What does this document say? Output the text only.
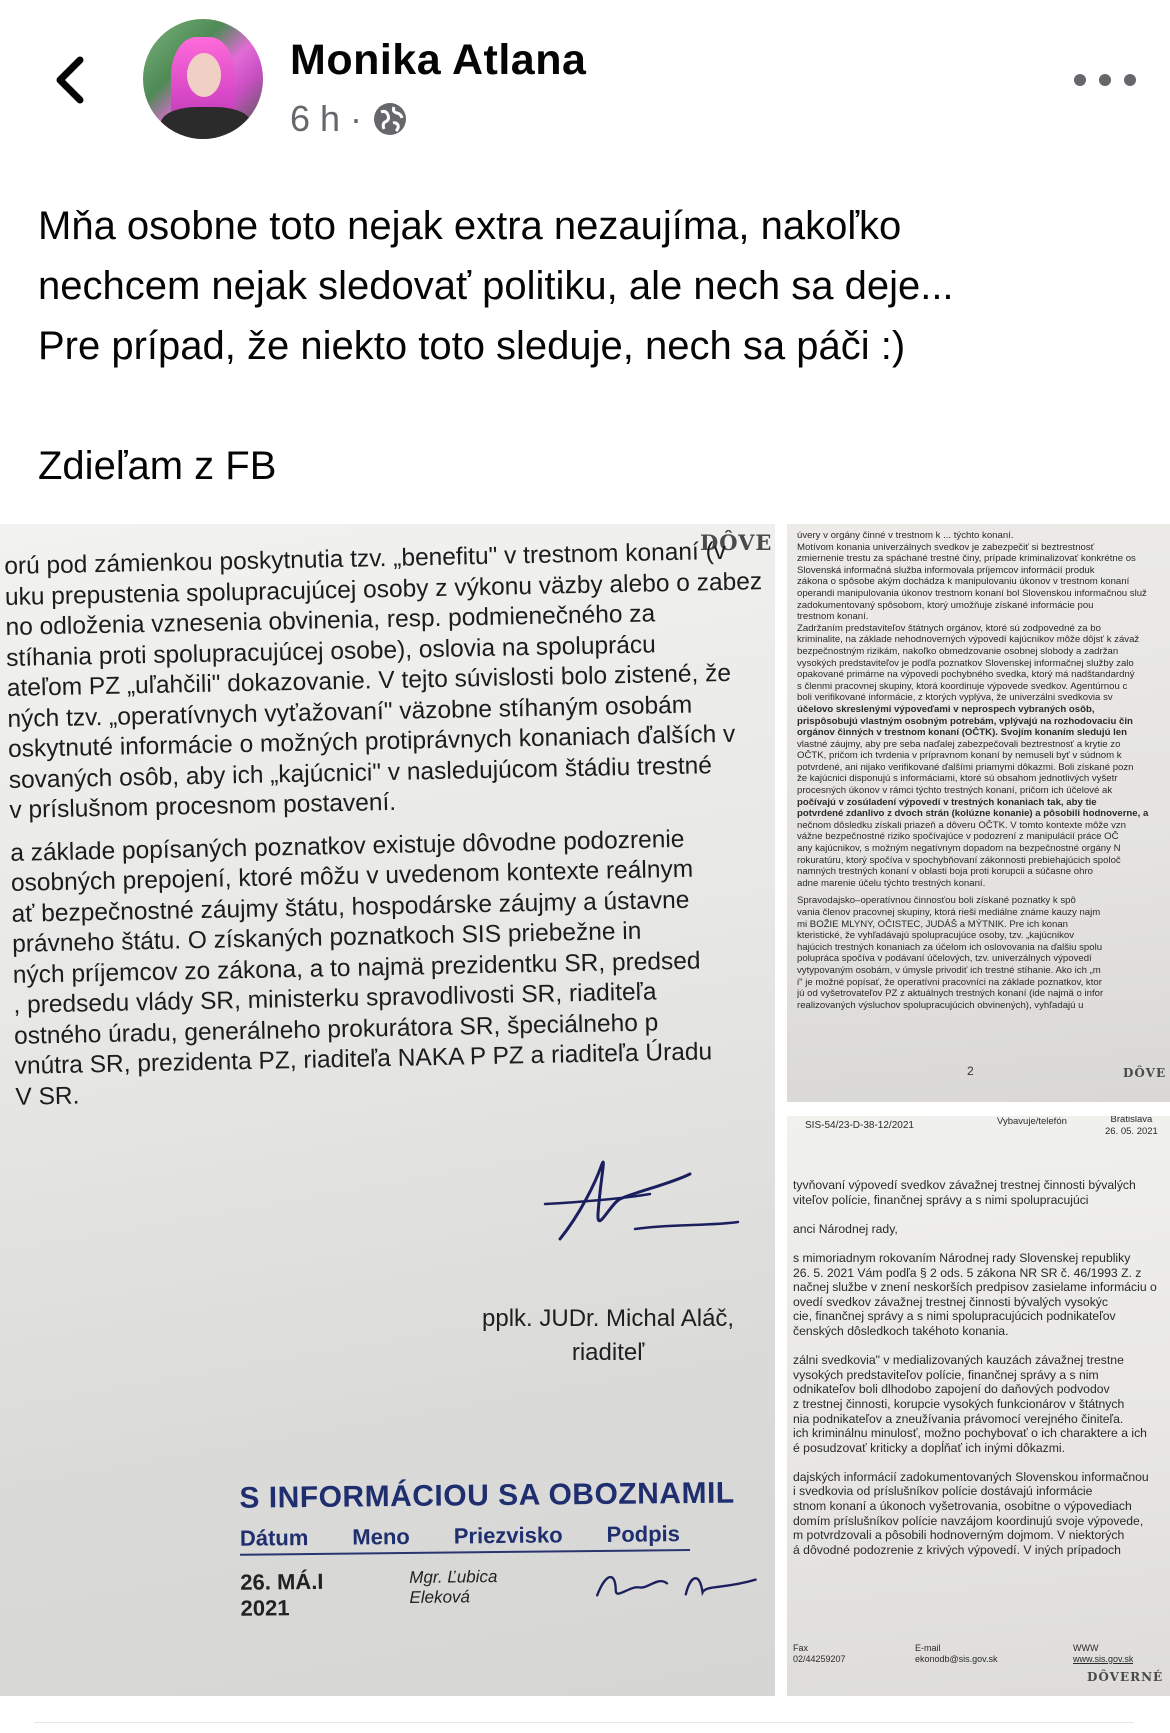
Monika Atlana
6 h ·

Mňa osobne toto nejak extra nezaujíma, nakoľko

nechcem nejak sledovať politiku, ale nech sa deje...

Pre prípad, že niekto toto sleduje, nech sa páči :)

Zdieľam z FB

DÔVE
orú pod zámienkou poskytnutia tzv. „benefitu" v trestnom konaní (v
uku prepustenia spolupracujúcej osoby z výkonu väzby alebo o zabez
no odloženia vznesenia obvinenia, resp. podmienečného za
stíhania proti spolupracujúcej osobe), oslovia na spoluprácu
ateľom PZ „uľahčili" dokazovanie. V tejto súvislosti bolo zistené, že
ných tzv. „operatívnych vyťažovaní" väzobne stíhaným osobám
oskytnuté informácie o možných protiprávnych konaniach ďalších v
sovaných osôb, aby ich „kajúcnici" v nasledujúcom štádiu trestné
v príslušnom procesnom postavení.
a základe popísaných poznatkov existuje dôvodne podozrenie
osobných prepojení, ktoré môžu v uvedenom kontexte reálnym
ať bezpečnostné záujmy štátu, hospodárske záujmy a ústavne
právneho štátu. O získaných poznatkoch SIS priebežne in
ných príjemcov zo zákona, a to najmä prezidentku SR, predsed
, predsedu vlády SR, ministerku spravodlivosti SR, riaditeľa
ostného úradu, generálneho prokurátora SR, špeciálneho p
vnútra SR, prezidenta PZ, riaditeľa NAKA P PZ a riaditeľa Úradu
V SR.
pplk. JUDr. Michal Aláč,
riaditeľ
S INFORMÁCIOU SA OBOZNAMIL
Dátum Meno Priezvisko Podpis
26. MÁ.I 2021
Mgr. Ľubica Eleková
úvery v orgány činné v trestnom k ... týchto konaní.
Motívom konania univerzálnych svedkov je zabezpečiť si beztrestnosť
zmiernenie trestu za spáchané trestné činy, prípade kriminalizovať konkrétne os
Slovenská informačná služba informovala príjemcov informácií produk
zákona o spôsobe akým dochádza k manipulovaniu úkonov v trestnom konaní
operandi manipulovania úkonov trestnom konaní bol Slovenskou informačnou služ
zadokumentovaný spôsobom, ktorý umožňuje získané informácie pou
trestnom konaní.
Zadržaním predstaviteľov štátnych orgánov, ktoré sú zodpovedné za bo
kriminalite, na základe nehodnoverných výpovedí kajúcnikov môže dôjsť k závaž
bezpečnostným rizikám, nakoľko obmedzovanie osobnej slobody a zadržan
vysokých predstaviteľov je podľa poznatkov Slovenskej informačnej služby zalo
opakované primárne na výpovedi pochybného svedka, ktorý má nadštandardný
s členmi pracovnej skupiny, ktorá koordinuje výpovede svedkov. Agentúrnou c
boli verifikované informácie, z ktorých vyplýva, že univerzálni svedkovia sv
účelovo skreslenými výpoveďami v neprospech vybraných osôb,
prispôsobujú vlastným osobným potrebám, vplývajú na rozhodovaciu čin
orgánov činných v trestnom konaní (OČTK). Svojím konaním sledujú len
vlastné záujmy, aby pre seba naďalej zabezpečovali beztrestnosť a krytie zo
OČTK, pričom ich tvrdenia v prípravnom konaní by nemuseli byť v súdnom k
potvrdené, ani nijako verifikované ďalšími priamymi dôkazmi. Boli získané pozn
že kajúcnici disponujú s informáciami, ktoré sú obsahom jednotlivých vyšetr
procesných úkonov v rámci týchto trestných konaní, pričom ich účelové ak
počívajú v zosúladení výpovedí v trestných konaniach tak, aby tie
potvrdené zdanlivo z dvoch strán (kolúzne konanie) a pôsobili hodnoverne, a
nečnom dôsledku získali priazeň a dôveru OČTK. V tomto kontexte môže vzn
vážne bezpečnostné riziko spočívajúce v podozrení z manipulácií práce OČ
any kajúcnikov, s možným negatívnym dopadom na bezpečnostné orgány N
rokuratúru, ktorý spočíva v spochybňovaní zákonnosti prebiehajúcich spoloč
namných trestných konaní v oblasti boja proti korupcii a súčasne ohro
adne marenie účelu týchto trestných konaní.
Spravodajsko–operatívnou činnosťou boli získané poznatky k spô
vania členov pracovnej skupiny, ktorá rieši mediálne známe kauzy najm
mi BOŽIE MLYNY, OČISTEC, JUDÁŠ a MÝTNIK. Pre ich konan
kteristické, že vyhľadávajú spolupracujúce osoby, tzv. „kajúcnikov
hajúcich trestných konaniach za účelom ich oslovovania na ďalšiu spolu
polupráca spočíva v podávaní účelových, tzv. univerzálnych výpovedí
vytypovaným osobám, v úmysle privodiť ich trestné stíhanie. Ako ich „m
i" je možné popísať, že operatívni pracovníci na základe poznatkov, ktor
jú od vyšetrovateľov PZ z aktuálnych trestných konaní (ide najmä o infor
realizovaných výsluchov spolupracujúcich obvinených), vyhľadajú u
2	DÔVE
SIS-54/23-D-38-12/2021	Vybavuje/telefón	Bratislava
26. 05. 2021
tyvňovaní výpovedí svedkov závažnej trestnej činnosti bývalých
viteľov polície, finančnej správy a s nimi spolupracujúci
anci Národnej rady,
s mimoriadnym rokovaním Národnej rady Slovenskej republiky
26. 5. 2021 Vám podľa § 2 ods. 5 zákona NR SR č. 46/1993 Z. z
načnej službe v znení neskorších predpisov zasielame informáciu o
ovedí svedkov závažnej trestnej činnosti bývalých vysokýc
cie, finančnej správy a s nimi spolupracujúcich podnikateľov
čenských dôsledkoch takéhoto konania.
zálni svedkovia" v medializovaných kauzách závažnej trestne
vysokých predstaviteľov polície, finančnej správy a s nim
odnikateľov boli dlhodobo zapojení do daňových podvodov
z trestnej činnosti, korupcie vysokých funkcionárov v štátnych
nia podnikateľov a zneužívania právomocí verejného činiteľa.
ich kriminálnu minulosť, možno pochybovať o ich charaktere a ich
é posudzovať kriticky a dopĺňať ich inými dôkazmi.
dajských informácií zadokumentovaných Slovenskou informačnou
i svedkovia od príslušníkov polície dostávajú informácie
stnom konaní a úkonoch vyšetrovania, osobitne o výpovediach
domím príslušníkov polície navzájom koordinujú svoje výpovede,
m potvrdzovali a pôsobili hodnoverným dojmom. V niektorých
á dôvodné podozrenie z krivých výpovedí. V iných prípadoch
Fax
02/44259207
E-mail
ekonodb@sis.gov.sk
WWW
www.sis.gov.sk
DÔVERNÉ
